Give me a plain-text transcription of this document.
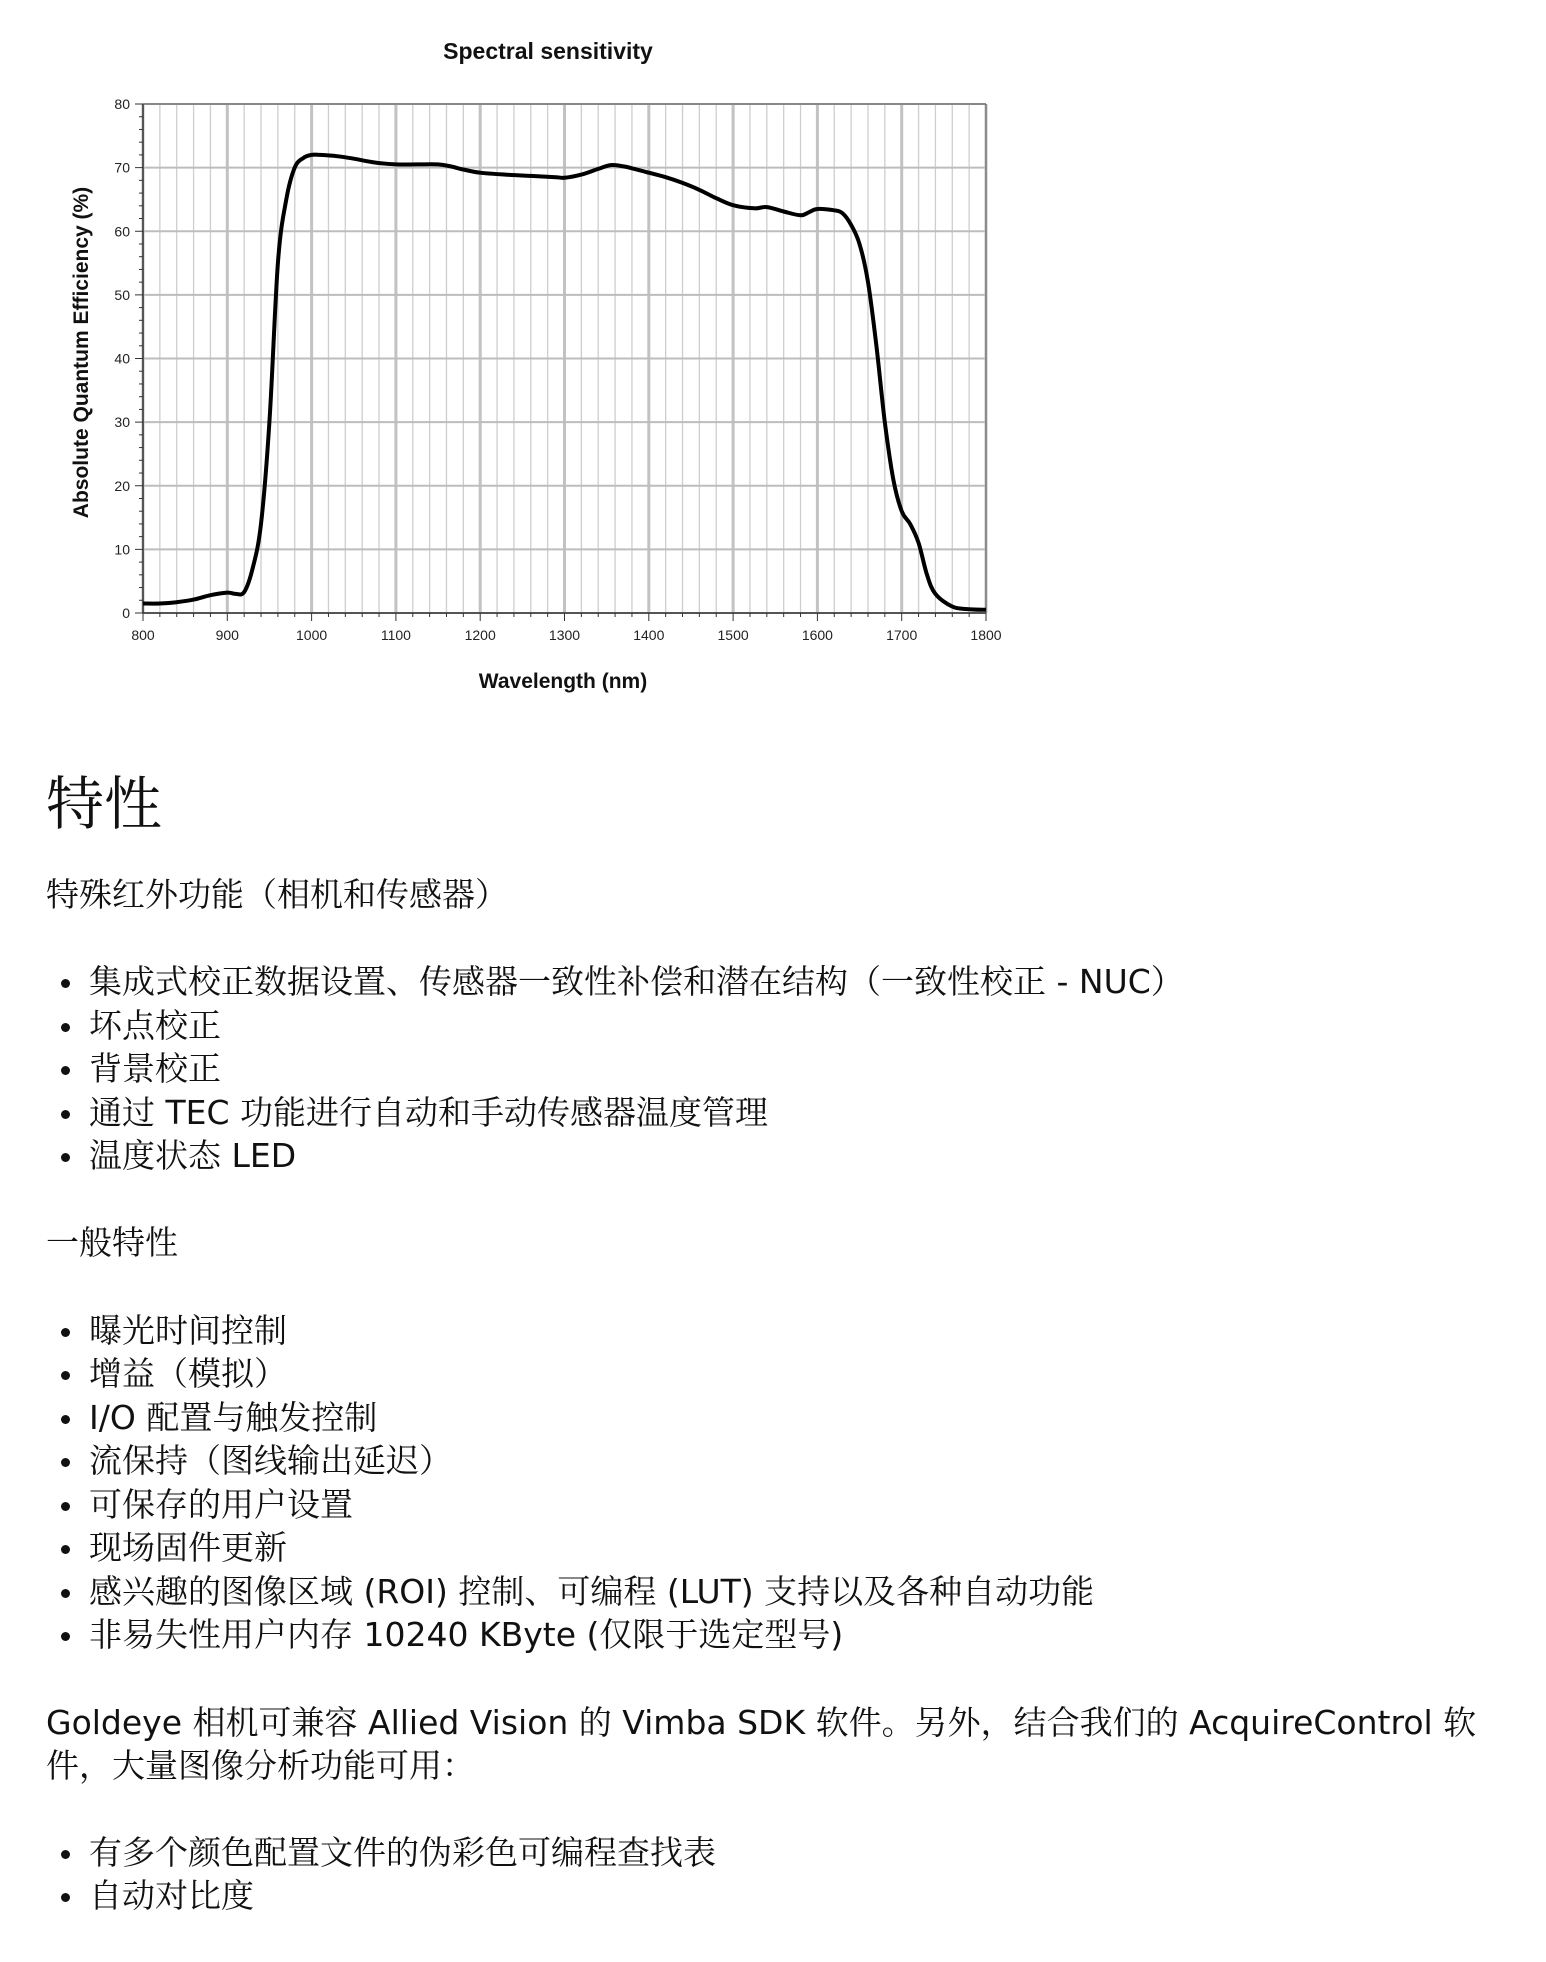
800	900	1000	1100	1200	1300	1400	1500	1600	1700	1800
0
10
20
30
40
50
60
70
80
Spectral sensitivity
Wavelength (nm)
Absolute Quantum Efficiency (%)
特性
特殊红外功能（相机和传感器）
集成式校正数据设置、传感器一致性补偿和潜在结构（一致性校正 - NUC）
坏点校正
背景校正
通过 TEC 功能进行自动和手动传感器温度管理
温度状态 LED
一般特性
曝光时间控制
增益（模拟）
I/O 配置与触发控制
流保持（图线输出延迟）
可保存的用户设置
现场固件更新
感兴趣的图像区域 (ROI) 控制、可编程 (LUT) 支持以及各种自动功能
非易失性用户内存 10240 KByte (仅限于选定型号)

Goldeye 相机可兼容 Allied Vision 的 Vimba SDK 软件。另外，结合我们的 AcquireControl 软件，大量图像分析功能可用：

有多个颜色配置文件的伪彩色可编程查找表
自动对比度
